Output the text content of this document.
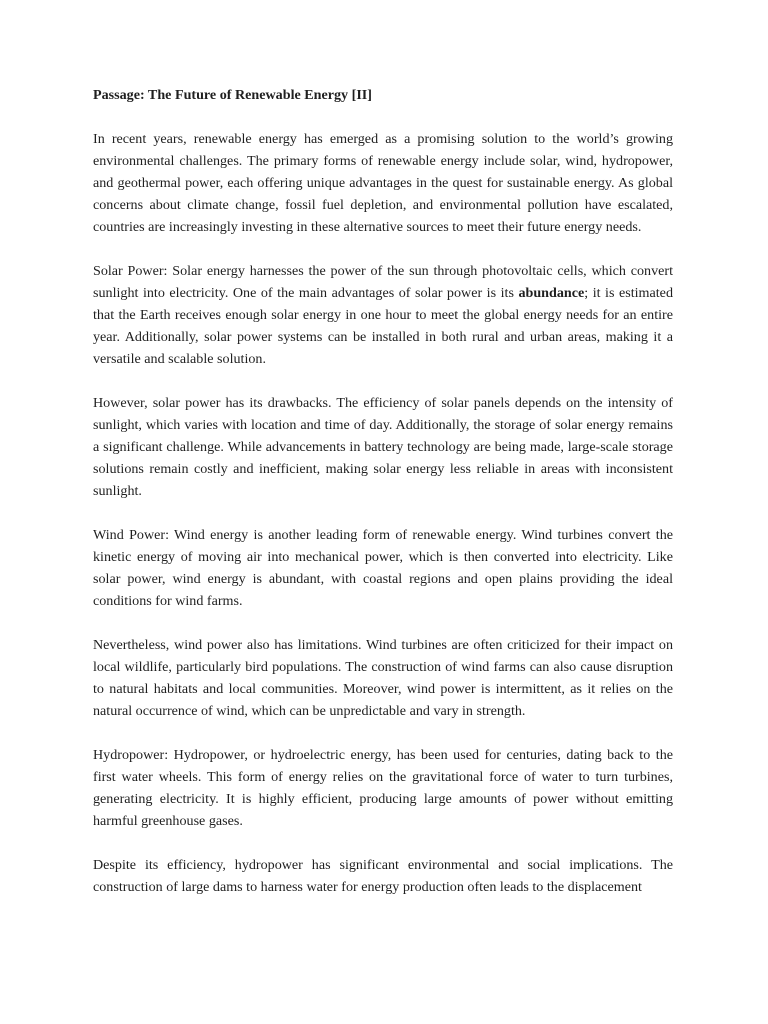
Passage: The Future of Renewable Energy [II]

In recent years, renewable energy has emerged as a promising solution to the world’s growing environmental challenges. The primary forms of renewable energy include solar, wind, hydropower, and geothermal power, each offering unique advantages in the quest for sustainable energy. As global concerns about climate change, fossil fuel depletion, and environmental pollution have escalated, countries are increasingly investing in these alternative sources to meet their future energy needs.

Solar Power: Solar energy harnesses the power of the sun through photovoltaic cells, which convert sunlight into electricity. One of the main advantages of solar power is its abundance; it is estimated that the Earth receives enough solar energy in one hour to meet the global energy needs for an entire year. Additionally, solar power systems can be installed in both rural and urban areas, making it a versatile and scalable solution.

However, solar power has its drawbacks. The efficiency of solar panels depends on the intensity of sunlight, which varies with location and time of day. Additionally, the storage of solar energy remains a significant challenge. While advancements in battery technology are being made, large-scale storage solutions remain costly and inefficient, making solar energy less reliable in areas with inconsistent sunlight.

Wind Power: Wind energy is another leading form of renewable energy. Wind turbines convert the kinetic energy of moving air into mechanical power, which is then converted into electricity. Like solar power, wind energy is abundant, with coastal regions and open plains providing the ideal conditions for wind farms.

Nevertheless, wind power also has limitations. Wind turbines are often criticized for their impact on local wildlife, particularly bird populations. The construction of wind farms can also cause disruption to natural habitats and local communities. Moreover, wind power is intermittent, as it relies on the natural occurrence of wind, which can be unpredictable and vary in strength.

Hydropower: Hydropower, or hydroelectric energy, has been used for centuries, dating back to the first water wheels. This form of energy relies on the gravitational force of water to turn turbines, generating electricity. It is highly efficient, producing large amounts of power without emitting harmful greenhouse gases.

Despite its efficiency, hydropower has significant environmental and social implications. The construction of large dams to harness water for energy production often leads to the displacement
